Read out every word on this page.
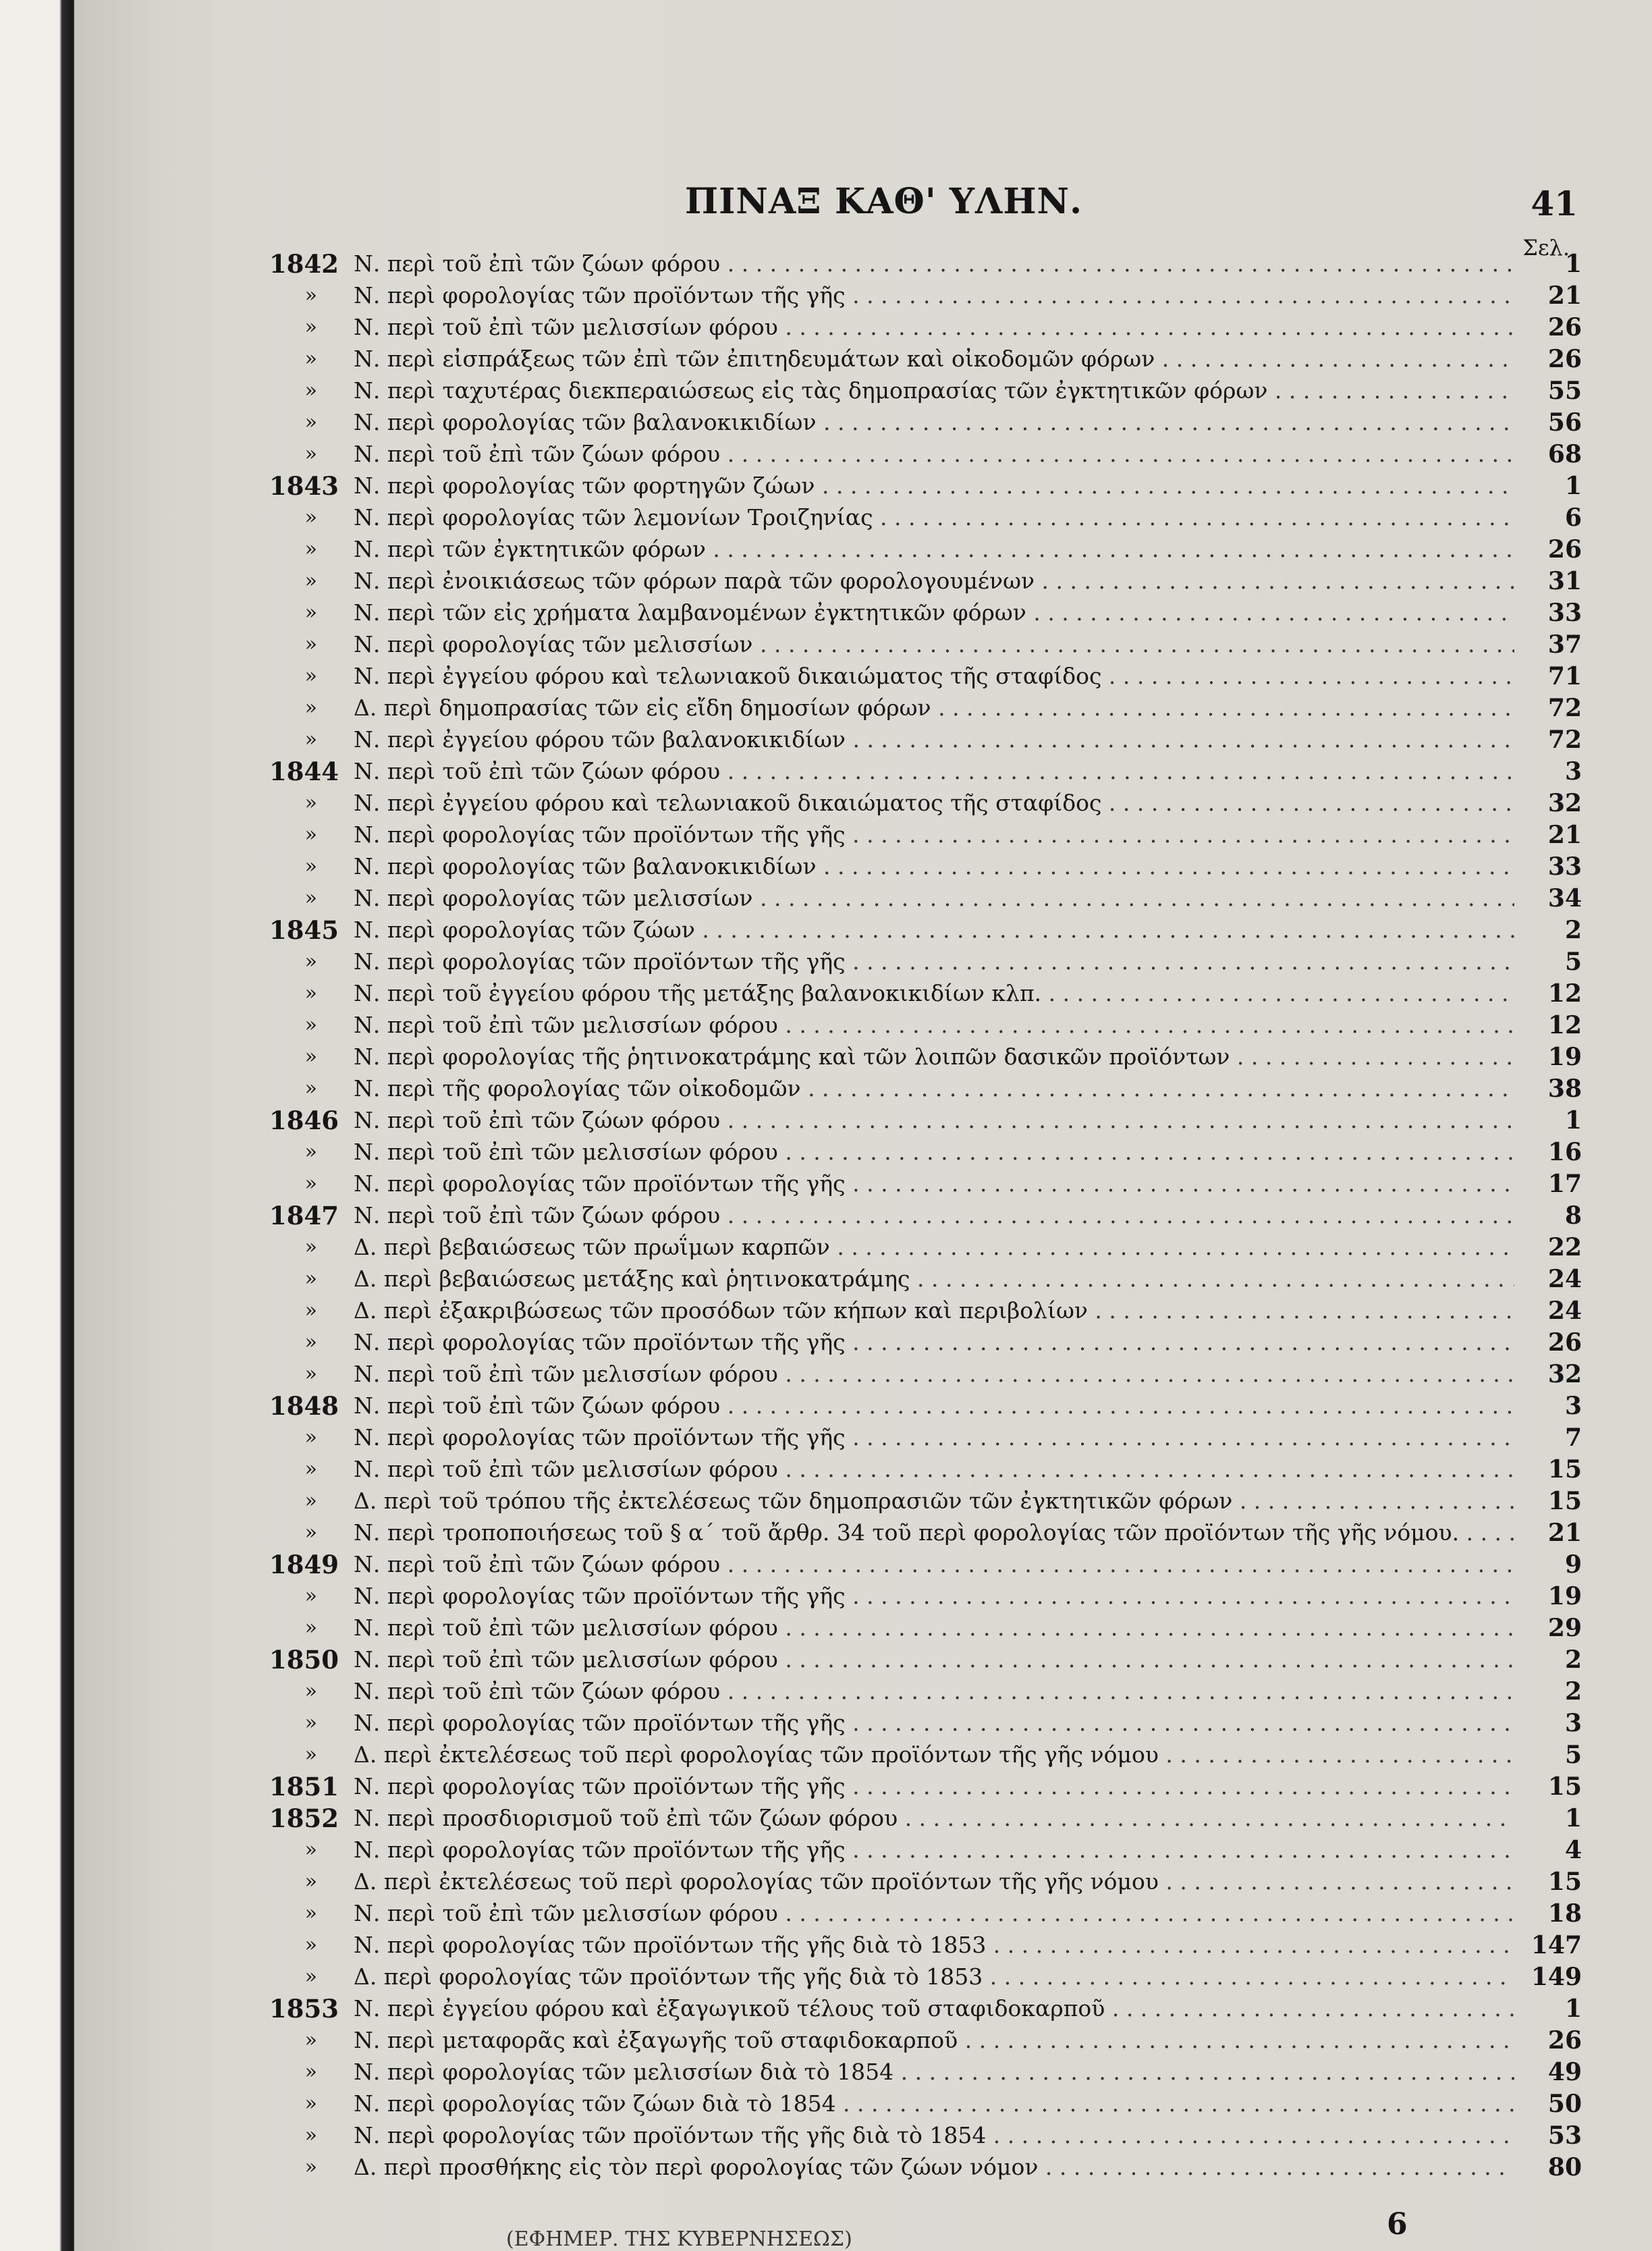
ΠΙΝΑΞ ΚΑΘ' ΥΛΗΝ.	41
Σελ.
1842 Ν. περὶ τοῦ ἐπὶ τῶν ζώων φόρου . . .	1
»	Ν. περὶ φορολογίας τῶν προϊόντων τῆς γῆς . . .	21
»	Ν. περὶ τοῦ ἐπὶ τῶν μελισσίων φόρου . . .	26
»	Ν. περὶ εἰσπράξεως τῶν ἐπὶ τῶν ἐπιτηδευμάτων καὶ οἰκοδομῶν φόρων . . .	26
»	Ν. περὶ ταχυτέρας διεκπεραιώσεως εἰς τὰς δημοπρασίας τῶν ἐγκτητικῶν φόρων . . .	55
»	Ν. περὶ φορολογίας τῶν βαλανοκικιδίων . . .	56
»	Ν. περὶ τοῦ ἐπὶ τῶν ζώων φόρου . . .	68
1843 Ν. περὶ φορολογίας τῶν φορτηγῶν ζώων . . .	1
»	Ν. περὶ φορολογίας τῶν λεμονίων Τροιζηνίας . . .	6
»	Ν. περὶ τῶν ἐγκτητικῶν φόρων . . .	26
»	Ν. περὶ ἐνοικιάσεως τῶν φόρων παρὰ τῶν φορολογουμένων . . .	31
»	Ν. περὶ τῶν εἰς χρήματα λαμβανομένων ἐγκτητικῶν φόρων . . .	33
»	Ν. περὶ φορολογίας τῶν μελισσίων . . .	37
»	Ν. περὶ ἐγγείου φόρου καὶ τελωνιακοῦ δικαιώματος τῆς σταφίδος . . .	71
»	Δ. περὶ δημοπρασίας τῶν εἰς εἴδη δημοσίων φόρων . . .	72
»	Ν. περὶ ἐγγείου φόρου τῶν βαλανοκικιδίων . . .	72
1844 Ν. περὶ τοῦ ἐπὶ τῶν ζώων φόρου . . .	3
»	Ν. περὶ ἐγγείου φόρου καὶ τελωνιακοῦ δικαιώματος τῆς σταφίδος . . .	32
»	Ν. περὶ φορολογίας τῶν προϊόντων τῆς γῆς . . .	21
»	Ν. περὶ φορολογίας τῶν βαλανοκικιδίων . . .	33
»	Ν. περὶ φορολογίας τῶν μελισσίων . . .	34
1845 Ν. περὶ φορολογίας τῶν ζώων . . .	2
»	Ν. περὶ φορολογίας τῶν προϊόντων τῆς γῆς . . .	5
»	Ν. περὶ τοῦ ἐγγείου φόρου τῆς μετάξης βαλανοκικιδίων κλπ. . . .	12
»	Ν. περὶ τοῦ ἐπὶ τῶν μελισσίων φόρου . . .	12
»	Ν. περὶ φορολογίας τῆς ῥητινοκατράμης καὶ τῶν λοιπῶν δασικῶν προϊόντων . . .	19
»	Ν. περὶ τῆς φορολογίας τῶν οἰκοδομῶν . . .	38
1846 Ν. περὶ τοῦ ἐπὶ τῶν ζώων φόρου . . .	1
»	Ν. περὶ τοῦ ἐπὶ τῶν μελισσίων φόρου . . .	16
»	Ν. περὶ φορολογίας τῶν προϊόντων τῆς γῆς . . .	17
1847 Ν. περὶ τοῦ ἐπὶ τῶν ζώων φόρου . . .	8
»	Δ. περὶ βεβαιώσεως τῶν πρωΐμων καρπῶν . . .	22
»	Δ. περὶ βεβαιώσεως μετάξης καὶ ῥητινοκατράμης . . .	24
»	Δ. περὶ ἐξακριβώσεως τῶν προσόδων τῶν κήπων καὶ περιβολίων . . .	24
»	Ν. περὶ φορολογίας τῶν προϊόντων τῆς γῆς . . .	26
»	Ν. περὶ τοῦ ἐπὶ τῶν μελισσίων φόρου . . .	32
1848 Ν. περὶ τοῦ ἐπὶ τῶν ζώων φόρου . . .	3
»	Ν. περὶ φορολογίας τῶν προϊόντων τῆς γῆς . . .	7
»	Ν. περὶ τοῦ ἐπὶ τῶν μελισσίων φόρου . . .	15
»	Δ. περὶ τοῦ τρόπου τῆς ἐκτελέσεως τῶν δημοπρασιῶν τῶν ἐγκτητικῶν φόρων . . .	15
»	Ν. περὶ τροποποιήσεως τοῦ § α΄ τοῦ ἄρθρ. 34 τοῦ περὶ φορολογίας τῶν προϊόντων τῆς γῆς νόμου. . . .	21
1849 Ν. περὶ τοῦ ἐπὶ τῶν ζώων φόρου . . .	9
»	Ν. περὶ φορολογίας τῶν προϊόντων τῆς γῆς . . .	19
»	Ν. περὶ τοῦ ἐπὶ τῶν μελισσίων φόρου . . .	29
1850 Ν. περὶ τοῦ ἐπὶ τῶν μελισσίων φόρου . . .	2
»	Ν. περὶ τοῦ ἐπὶ τῶν ζώων φόρου . . .	2
»	Ν. περὶ φορολογίας τῶν προϊόντων τῆς γῆς . . .	3
»	Δ. περὶ ἐκτελέσεως τοῦ περὶ φορολογίας τῶν προϊόντων τῆς γῆς νόμου . . .	5
1851 Ν. περὶ φορολογίας τῶν προϊόντων τῆς γῆς . . .	15
1852 Ν. περὶ προσδιορισμοῦ τοῦ ἐπὶ τῶν ζώων φόρου . . .	1
»	Ν. περὶ φορολογίας τῶν προϊόντων τῆς γῆς . . .	4
»	Δ. περὶ ἐκτελέσεως τοῦ περὶ φορολογίας τῶν προϊόντων τῆς γῆς νόμου . . .	15
»	Ν. περὶ τοῦ ἐπὶ τῶν μελισσίων φόρου . . .	18
»	Ν. περὶ φορολογίας τῶν προϊόντων τῆς γῆς διὰ τὸ 1853 . . .	147
»	Δ. περὶ φορολογίας τῶν προϊόντων τῆς γῆς διὰ τὸ 1853 . . .	149
1853 Ν. περὶ ἐγγείου φόρου καὶ ἐξαγωγικοῦ τέλους τοῦ σταφιδοκαρποῦ . . .	1
»	Ν. περὶ μεταφορᾶς καὶ ἐξαγωγῆς τοῦ σταφιδοκαρποῦ . . .	26
»	Ν. περὶ φορολογίας τῶν μελισσίων διὰ τὸ 1854 . . .	49
»	Ν. περὶ φορολογίας τῶν ζώων διὰ τὸ 1854 . . .	50
»	Ν. περὶ φορολογίας τῶν προϊόντων τῆς γῆς διὰ τὸ 1854 . . .	53
»	Δ. περὶ προσθήκης εἰς τὸν περὶ φορολογίας τῶν ζώων νόμον . . .	80
6
(ΕΦΗΜΕΡ. ΤΗΣ ΚΥΒΕΡΝΗΣΕΩΣ)
